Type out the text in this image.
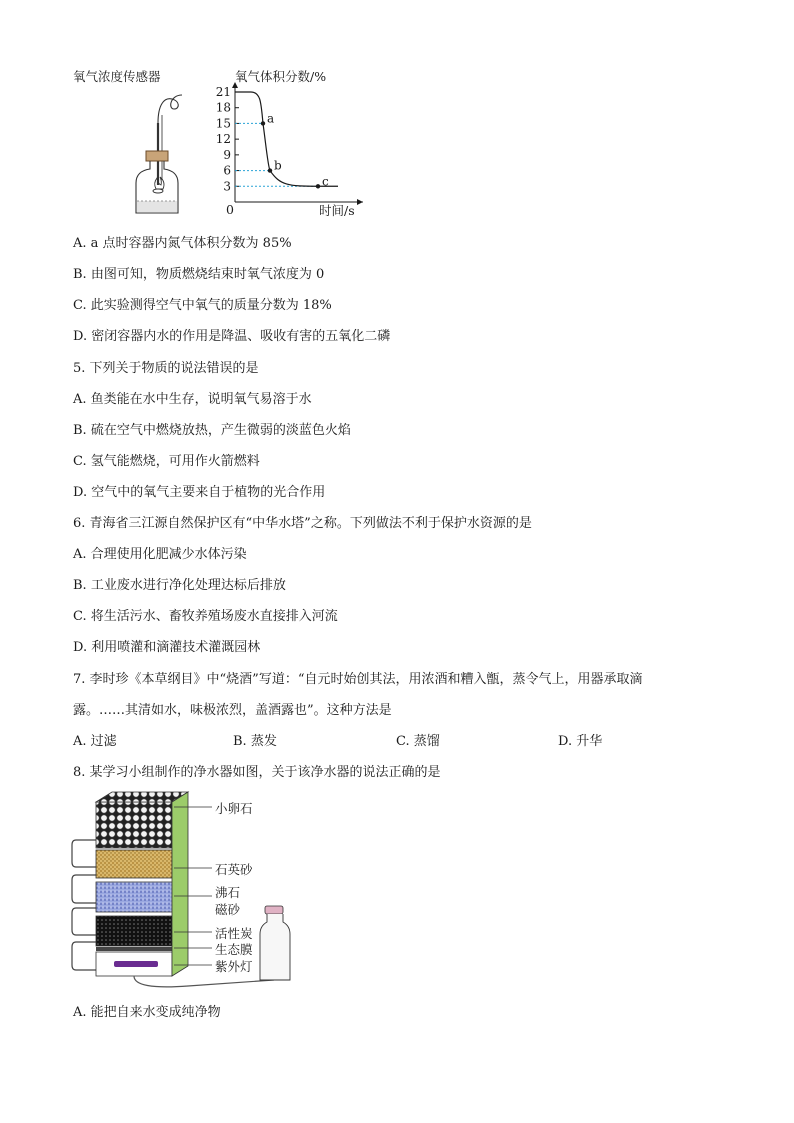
氧气浓度传感器	氧气体积分数/%
时间/s
0
21
18
15
12
9
6
3
a
b
c
A. a 点时容器内氮气体积分数为 85%
B. 由图可知，物质燃烧结束时氧气浓度为 0
C. 此实验测得空气中氧气的质量分数为 18%
D. 密闭容器内水的作用是降温、吸收有害的五氧化二磷
5. 下列关于物质的说法错误的是
A. 鱼类能在水中生存，说明氧气易溶于水
B. 硫在空气中燃烧放热，产生微弱的淡蓝色火焰
C. 氢气能燃烧，可用作火箭燃料
D. 空气中的氧气主要来自于植物的光合作用
6. 青海省三江源自然保护区有“中华水塔”之称。下列做法不利于保护水资源的是
A. 合理使用化肥减少水体污染
B. 工业废水进行净化处理达标后排放
C. 将生活污水、畜牧养殖场废水直接排入河流
D. 利用喷灌和滴灌技术灌溉园林
7. 李时珍《本草纲目》中“烧酒”写道：“自元时始创其法，用浓酒和糟入甑，蒸令气上，用器承取滴
露。……其清如水，味极浓烈，盖酒露也”。这种方法是
A. 过滤	B. 蒸发	C. 蒸馏	D. 升华
8. 某学习小组制作的净水器如图，关于该净水器的说法正确的是
小卵石
石英砂
沸石
磁砂
活性炭
生态膜
紫外灯
A. 能把自来水变成纯净物
